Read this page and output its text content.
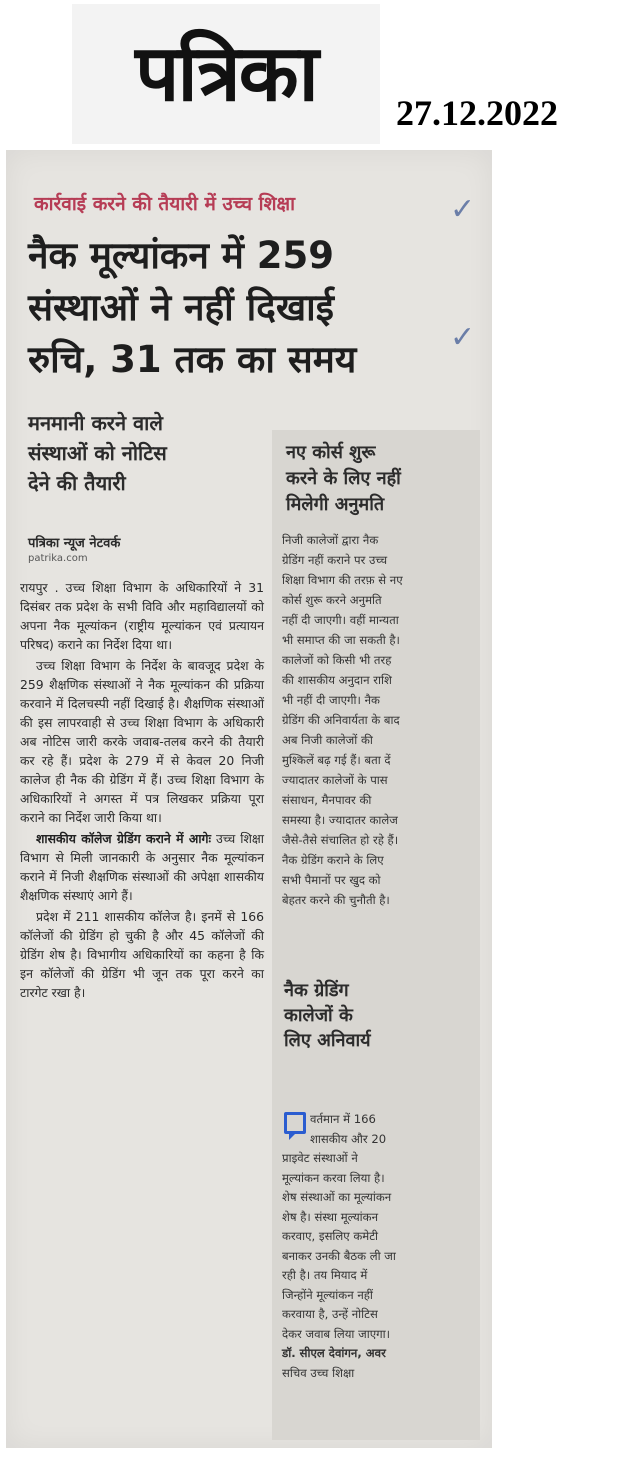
पत्रिका 27.12.2022
कार्रवाई करने की तैयारी में उच्च शिक्षा	✓
✓
नैक मूल्यांकन में 259
संस्थाओं ने नहीं दिखाई
रुचि, 31 तक का समय
मनमानी करने वाले
संस्थाओं को नोटिस
देने की तैयारी
पत्रिका न्यूज नेटवर्क
patrika.com

रायपुर . उच्च शिक्षा विभाग के अधिकारियों ने 31 दिसंबर तक प्रदेश के सभी विवि और महाविद्यालयों को अपना नैक मूल्यांकन (राष्ट्रीय मूल्यांकन एवं प्रत्यायन परिषद) कराने का निर्देश दिया था।

उच्च शिक्षा विभाग के निर्देश के बावजूद प्रदेश के 259 शैक्षणिक संस्थाओं ने नैक मूल्यांकन की प्रक्रिया करवाने में दिलचस्पी नहीं दिखाई है। शैक्षणिक संस्थाओं की इस लापरवाही से उच्च शिक्षा विभाग के अधिकारी अब नोटिस जारी करके जवाब-तलब करने की तैयारी कर रहे हैं। प्रदेश के 279 में से केवल 20 निजी कालेज ही नैक की ग्रेडिंग में हैं। उच्च शिक्षा विभाग के अधिकारियों ने अगस्त में पत्र लिखकर प्रक्रिया पूरा कराने का निर्देश जारी किया था।

शासकीय कॉलेज ग्रेडिंग कराने में आगेः उच्च शिक्षा विभाग से मिली जानकारी के अनुसार नैक मूल्यांकन कराने में निजी शैक्षणिक संस्थाओं की अपेक्षा शासकीय शैक्षणिक संस्थाएं आगे हैं।

प्रदेश में 211 शासकीय कॉलेज है। इनमें से 166 कॉलेजों की ग्रेडिंग हो चुकी है और 45 कॉलेजों की ग्रेडिंग शेष है। विभागीय अधिकारियों का कहना है कि इन कॉलेजों की ग्रेडिंग भी जून तक पूरा करने का टारगेट रखा है।

नए कोर्स शुरू
करने के लिए नहीं
मिलेगी अनुमति
निजी कालेजों द्वारा नैक
ग्रेडिंग नहीं कराने पर उच्च
शिक्षा विभाग की तरफ़ से नए
कोर्स शुरू करने अनुमति
नहीं दी जाएगी। वहीं मान्यता
भी समाप्त की जा सकती है।
कालेजों को किसी भी तरह
की शासकीय अनुदान राशि
भी नहीं दी जाएगी। नैक
ग्रेडिंग की अनिवार्यता के बाद
अब निजी कालेजों की
मुश्किलें बढ़ गई हैं। बता दें
ज्यादातर कालेजों के पास
संसाधन, मैनपावर की
समस्या है। ज्यादातर कालेज
जैसे-तैसे संचालित हो रहे हैं।
नैक ग्रेडिंग कराने के लिए
सभी पैमानों पर खुद को
बेहतर करने की चुनौती है।
नैक ग्रेडिंग
कालेजों के
लिए अनिवार्य
वर्तमान में 166
शासकीय और 20
प्राइवेट संस्थाओं ने
मूल्यांकन करवा लिया है।
शेष संस्थाओं का मूल्यांकन
शेष है। संस्था मूल्यांकन
करवाए, इसलिए कमेटी
बनाकर उनकी बैठक ली जा
रही है। तय मियाद में
जिन्होंने मूल्यांकन नहीं
करवाया है, उन्हें नोटिस
देकर जवाब लिया जाएगा।
डॉ. सीएल देवांगन, अवर
सचिव उच्च शिक्षा
